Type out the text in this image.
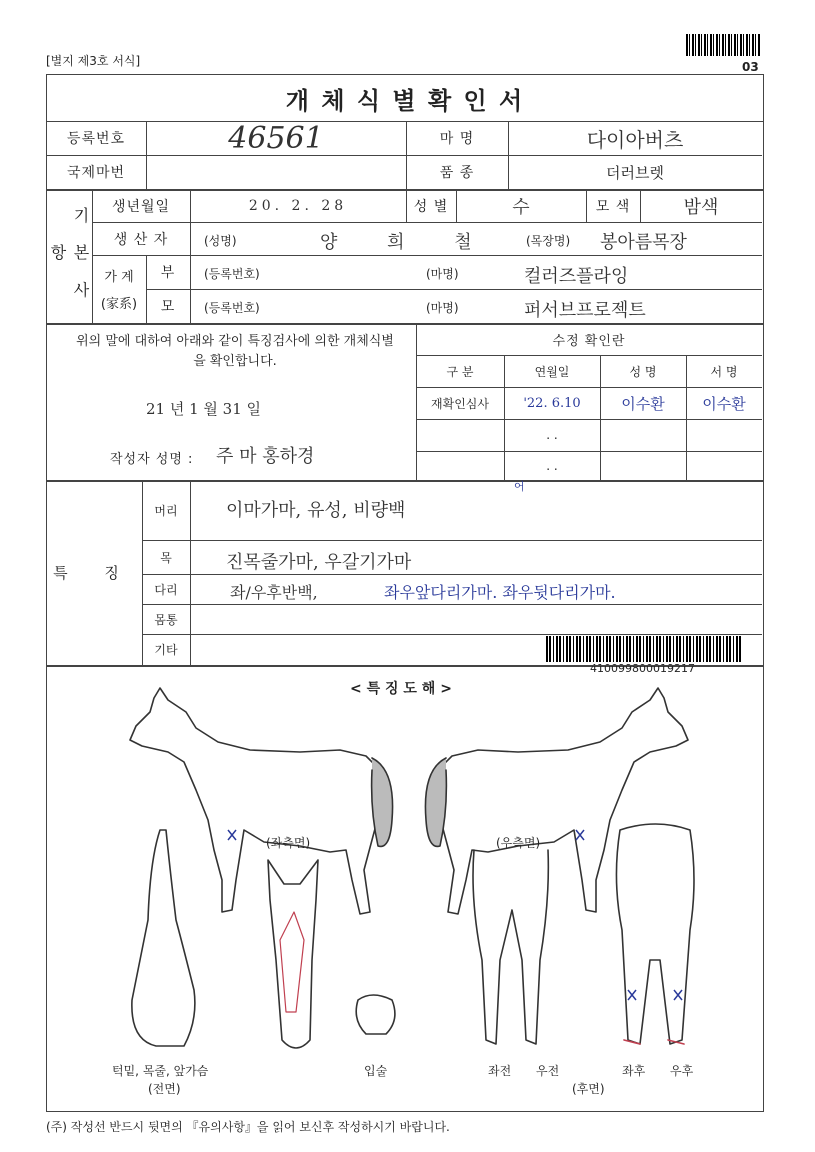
[별지 제3호 서식]	03
개 체 식 별 확 인 서
등록번호	46561	마 명	다이아버츠
국제마번	품 종	더러브렛
기 본 사 항
생년월일	20. 2. 28	성 별	수	모 색	밤색
생 산 자	(성명)	양 희 철	(목장명) 봉아름목장
가 계
(家系)
부	(등록번호)	(마명)	컬러즈플라잉
모	(등록번호)	(마명)	퍼서브프로젝트
위의 말에 대하여 아래와 같이 특징검사에 의한 개체식별을 확인합니다.
21 년 1 월 31 일
작성자 성명 : 주 마 홍하경
수정 확인란
구 분	연월일	성 명	서 명
재확인심사	'22. 6.10	이수환	이수환
. .
. .
특 징
머리	이마가마, 유성, 비량백
어
목	진목줄가마, 우갈기가마
다리	좌/우후반백,	좌우앞다리가마. 좌우뒷다리가마.
몸통
기타
410099800019217
< 특 징 도 해 >
(좌측면)	(우측면)
턱밑, 목줄, 앞가슴
(전면)
입술	좌전 우전	좌후 우후
(후면)
(주) 작성선 반드시 뒷면의 『유의사항』을 읽어 보신후 작성하시기 바랍니다.
